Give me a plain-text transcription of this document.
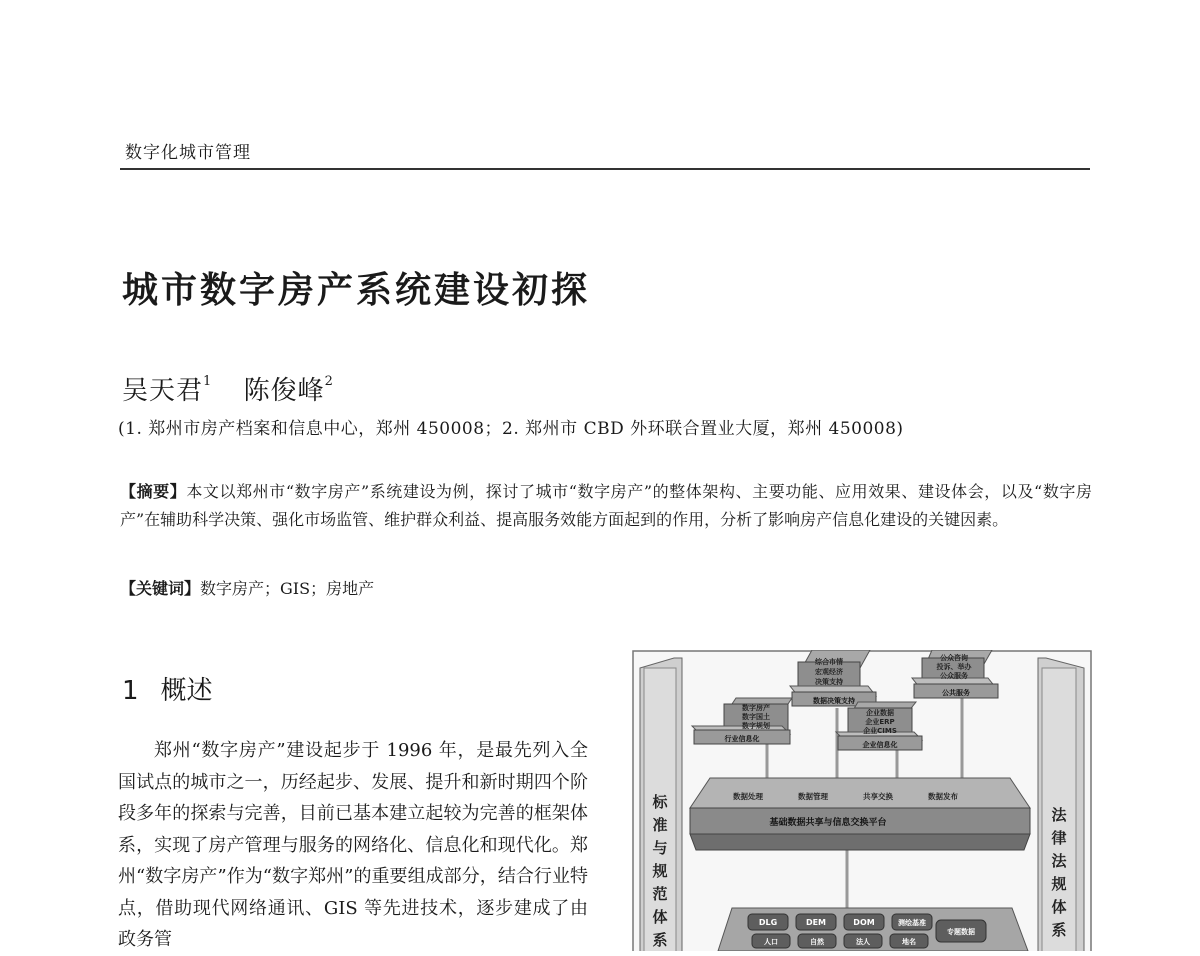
数字化城市管理
城市数字房产系统建设初探
吴天君$^1$ 陈俊峰$^2$
(1. 郑州市房产档案和信息中心，郑州 450008；2. 郑州市 CBD 外环联合置业大厦，郑州 450008)

【摘要】本文以郑州市“数字房产”系统建设为例，探讨了城市“数字房产”的整体架构、主要功能、应用效果、建设体会，以及“数字房产”在辅助科学决策、强化市场监管、维护群众利益、提高服务效能方面起到的作用，分析了影响房产信息化建设的关键因素。

【关键词】数字房产；GIS；房地产
1 概述

郑州“数字房产”建设起步于 1996 年，是最先列入全国试点的城市之一，历经起步、发展、提升和新时期四个阶段多年的探索与完善，目前已基本建立起较为完善的框架体系，实现了房产管理与服务的网络化、信息化和现代化。郑州“数字房产”作为“数字郑州”的重要组成部分，结合行业特点，借助现代网络通讯、GIS 等先进技术，逐步建成了由政务管

标
准
与
规
范
体
系
法
律
法
规
体
系
综合市情
宏观经济
决策支持
数据决策支持
公众咨询
投诉、举办
公众服务
公共服务
数字房产
数字国土
数字规划
行业信息化
企业数据
企业ERP
企业CIMS
企业信息化
数据处理	数据管理	共享交换	数据发布
基础数据共享与信息交换平台
DLG	DEM	DOM	测绘基准
专题数据
人口	自然	法人	地名
